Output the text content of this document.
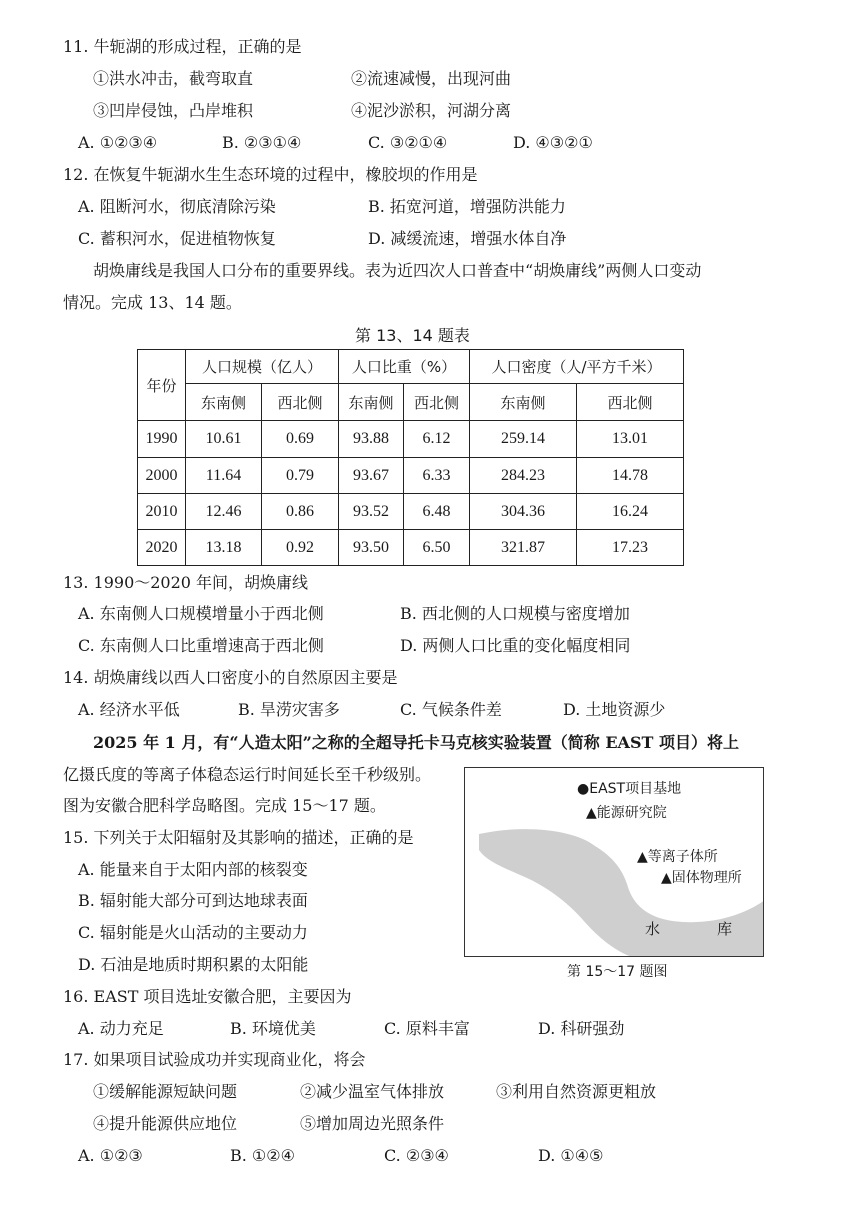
11. 牛轭湖的形成过程，正确的是
①洪水冲击，截弯取直	②流速减慢，出现河曲
③凹岸侵蚀，凸岸堆积	④泥沙淤积，河湖分离
A. ①②③④	B. ②③①④	C. ③②①④	D. ④③②①
12. 在恢复牛轭湖水生生态环境的过程中，橡胶坝的作用是
A. 阻断河水，彻底清除污染	B. 拓宽河道，增强防洪能力
C. 蓄积河水，促进植物恢复	D. 减缓流速，增强水体自净
胡焕庸线是我国人口分布的重要界线。表为近四次人口普查中“胡焕庸线”两侧人口变动
情况。完成 13、14 题。
第 13、14 题表
年份	人口规模（亿人）		人口比重（%）		人口密度（人/平方千米）	
	东南侧	西北侧	东南侧	西北侧	东南侧	西北侧
1990	10.61	0.69	93.88	6.12	259.14	13.01
2000	11.64	0.79	93.67	6.33	284.23	14.78
2010	12.46	0.86	93.52	6.48	304.36	16.24
2020	13.18	0.92	93.50	6.50	321.87	17.23
13. 1990～2020 年间，胡焕庸线
A. 东南侧人口规模增量小于西北侧	B. 西北侧的人口规模与密度增加
C. 东南侧人口比重增速高于西北侧	D. 两侧人口比重的变化幅度相同
14. 胡焕庸线以西人口密度小的自然原因主要是
A. 经济水平低	B. 旱涝灾害多	C. 气候条件差	D. 土地资源少
2025 年 1 月，有“人造太阳”之称的全超导托卡马克核实验装置（简称 EAST 项目）将上
亿摄氏度的等离子体稳态运行时间延长至千秒级别。
图为安徽合肥科学岛略图。完成 15～17 题。
15. 下列关于太阳辐射及其影响的描述，正确的是
A. 能量来自于太阳内部的核裂变
B. 辐射能大部分可到达地球表面
C. 辐射能是火山活动的主要动力
D. 石油是地质时期积累的太阳能
●EAST项目基地
▲能源研究院
▲等离子体所
▲固体物理所
水	库
第 15～17 题图
16. EAST 项目选址安徽合肥，主要因为
A. 动力充足	B. 环境优美	C. 原料丰富	D. 科研强劲
17. 如果项目试验成功并实现商业化，将会
①缓解能源短缺问题	②减少温室气体排放	③利用自然资源更粗放
④提升能源供应地位	⑤增加周边光照条件
A. ①②③	B. ①②④	C. ②③④	D. ①④⑤
